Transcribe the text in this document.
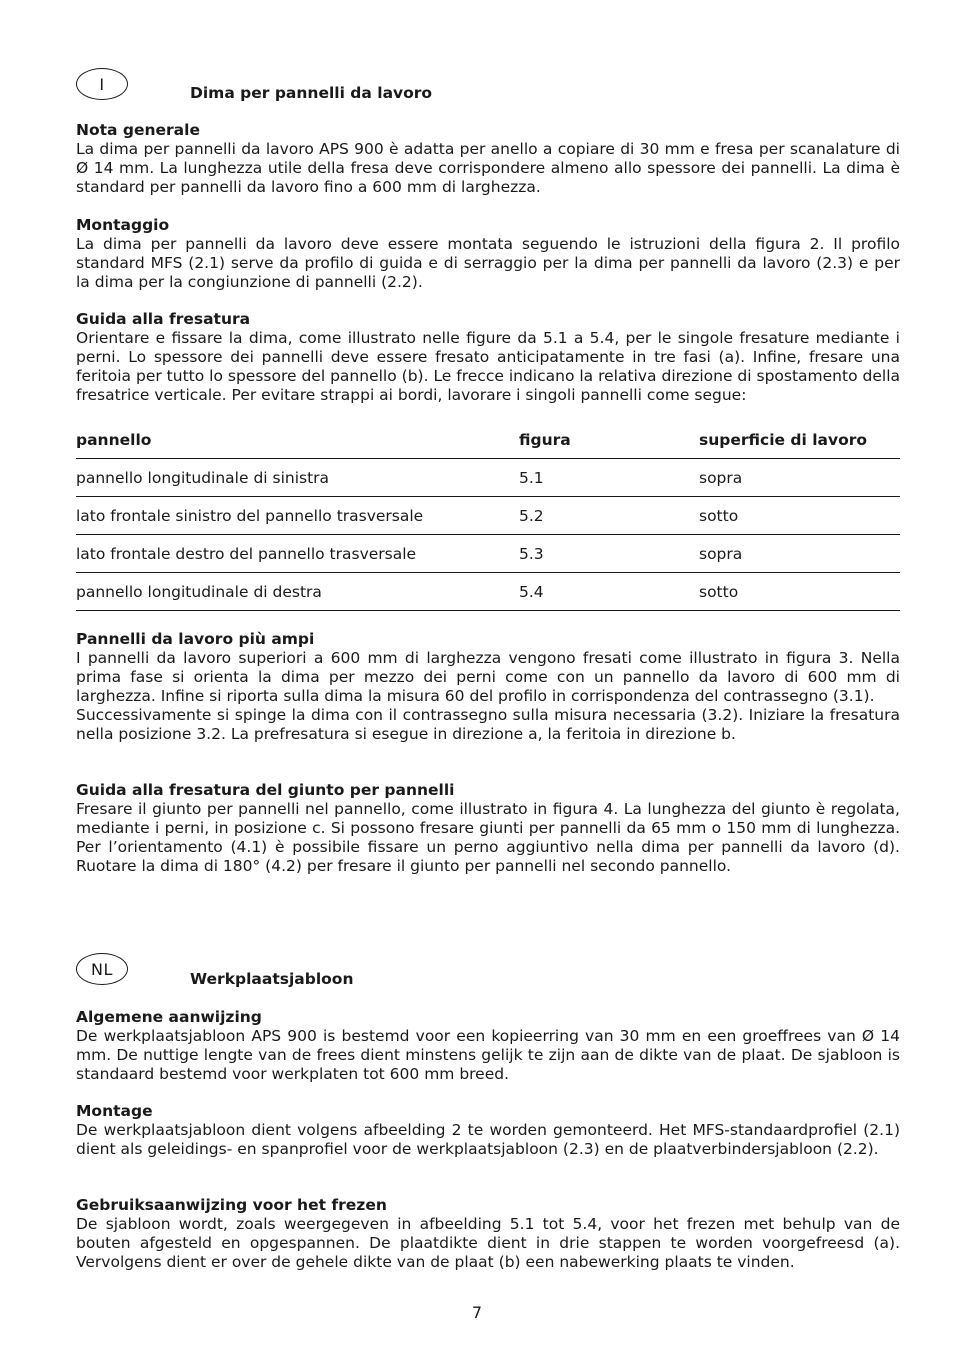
I	Dima per pannelli da lavoro
Nota generale

La dima per pannelli da lavoro APS 900 è adatta per anello a copiare di 30 mm e fresa per scanalature di Ø 14 mm. La lunghezza utile della fresa deve corrispondere almeno allo spessore dei pannelli. La dima è standard per pannelli da lavoro fino a 600 mm di larghezza.

Montaggio

La dima per pannelli da lavoro deve essere montata seguendo le istruzioni della figura 2. Il profilo standard MFS (2.1) serve da profilo di guida e di serraggio per la dima per pannelli da lavoro (2.3) e per la dima per la congiunzione di pannelli (2.2).

Guida alla fresatura

Orientare e fissare la dima, come illustrato nelle figure da 5.1 a 5.4, per le singole fresature mediante i perni. Lo spessore dei pannelli deve essere fresato anticipatamente in tre fasi (a). Infine, fresare una feritoia per tutto lo spessore del pannello (b). Le frecce indicano la relativa direzione di spostamento della fresatrice verticale. Per evitare strappi ai bordi, lavorare i singoli pannelli come segue:

pannello	figura	superficie di lavoro
pannello longitudinale di sinistra	5.1	sopra
lato frontale sinistro del pannello trasversale	5.2	sotto
lato frontale destro del pannello trasversale	5.3	sopra
pannello longitudinale di destra	5.4	sotto
Pannelli da lavoro più ampi

I pannelli da lavoro superiori a 600 mm di larghezza vengono fresati come illustrato in figura 3. Nella prima fase si orienta la dima per mezzo dei perni come con un pannello da lavoro di 600 mm di larghezza. Infine si riporta sulla dima la misura 60 del profilo in corrispondenza del contrassegno (3.1).

Successivamente si spinge la dima con il contrassegno sulla misura necessaria (3.2). Iniziare la fresatura nella posizione 3.2. La prefresatura si esegue in direzione a, la feritoia in direzione b.

Guida alla fresatura del giunto per pannelli

Fresare il giunto per pannelli nel pannello, come illustrato in figura 4. La lunghezza del giunto è regolata, mediante i perni, in posizione c. Si possono fresare giunti per pannelli da 65 mm o 150 mm di lunghezza. Per l’orientamento (4.1) è possibile fissare un perno aggiuntivo nella dima per pannelli da lavoro (d). Ruotare la dima di 180° (4.2) per fresare il giunto per pannelli nel secondo pannello.

NL
Werkplaatsjabloon
Algemene aanwijzing

De werkplaatsjabloon APS 900 is bestemd voor een kopieerring van 30 mm en een groeffrees van Ø 14 mm. De nuttige lengte van de frees dient minstens gelijk te zijn aan de dikte van de plaat. De sjabloon is standaard bestemd voor werkplaten tot 600 mm breed.

Montage

De werkplaatsjabloon dient volgens afbeelding 2 te worden gemonteerd. Het MFS-standaardprofiel (2.1) dient als geleidings- en spanprofiel voor de werkplaatsjabloon (2.3) en de plaatverbindersjabloon (2.2).

Gebruiksaanwijzing voor het frezen

De sjabloon wordt, zoals weergegeven in afbeelding 5.1 tot 5.4, voor het frezen met behulp van de bouten afgesteld en opgespannen. De plaatdikte dient in drie stappen te worden voorgefreesd (a). Vervolgens dient er over de gehele dikte van de plaat (b) een nabewerking plaats te vinden.

7
